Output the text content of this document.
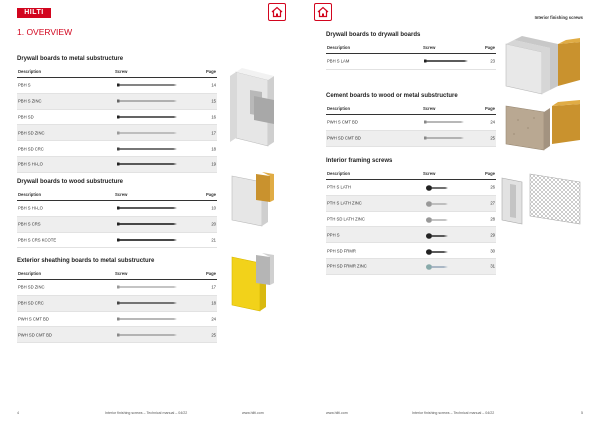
HILTI
1. OVERVIEW
Drywall boards to metal substructure
Description	Screw	Page
PBH S	14
PBH S ZINC	15
PBH SD	16
PBH SD ZINC	17
PBH SD CRC	18
PBH S HI-LO	19
Drywall boards to wood substructure
Description	Screw	Page
PBH S HI-LO	10
PBH S CRS	20
PBH S CRS KCOTE	21
Exterior sheathing boards to metal substructure
Description	Screw	Page
PBH SD ZINC	17
PBH SD CRC	18
PWH S CMT BD	24
PWH SD CMT BD	25
4	Interior finishing screws – Technical manual – 04/22	www.hilti.com
Interior finishing screws
Drywall boards to drywall boards
Description	Screw	Page
PBH S LAM	23
Cement boards to wood or metal substructure
Description	Screw	Page
PWH S CMT BD	24
PWH SD CMT BD	25
Interior framing screws
Description	Screw	Page
PTH S LATH	26
PTH S LATH ZINC	27
PTH SD LATH ZINC	28
PPH S	29
PPH SD FRMR	30
PPH SD FRMR ZINC	31
www.hilti.com	Interior finishing screws – Technical manual – 04/22	5
